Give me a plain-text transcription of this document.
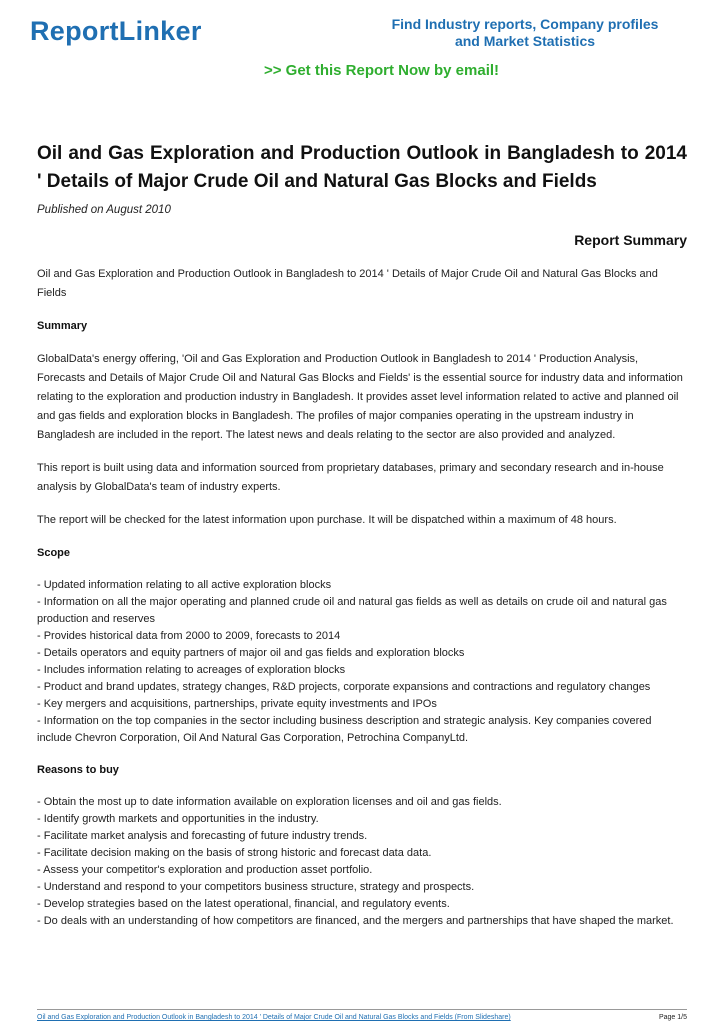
ReportLinker	Find Industry reports, Company profiles and Market Statistics
>> Get this Report Now by email!
Oil and Gas Exploration and Production Outlook in Bangladesh to 2014 ' Details of Major Crude Oil and Natural Gas Blocks and Fields
Published on August 2010
Report Summary

Oil and Gas Exploration and Production Outlook in Bangladesh to 2014 ' Details of Major Crude Oil and Natural Gas Blocks and Fields

Summary

GlobalData's energy offering, 'Oil and Gas Exploration and Production Outlook in Bangladesh to 2014 ' Production Analysis, Forecasts and Details of Major Crude Oil and Natural Gas Blocks and Fields' is the essential source for industry data and information relating to the exploration and production industry in Bangladesh. It provides asset level information related to active and planned oil and gas fields and exploration blocks in Bangladesh. The profiles of major companies operating in the upstream industry in Bangladesh are included in the report. The latest news and deals relating to the sector are also provided and analyzed.

This report is built using data and information sourced from proprietary databases, primary and secondary research and in-house analysis by GlobalData's team of industry experts.

The report will be checked for the latest information upon purchase. It will be dispatched within a maximum of 48 hours.

Scope
- Updated information relating to all active exploration blocks
- Information on all the major operating and planned crude oil and natural gas fields as well as details on crude oil and natural gas production and reserves
- Provides historical data from 2000 to 2009, forecasts to 2014
- Details operators and equity partners of major oil and gas fields and exploration blocks
- Includes information relating to acreages of exploration blocks
- Product and brand updates, strategy changes, R&D projects, corporate expansions and contractions and regulatory changes
- Key mergers and acquisitions, partnerships, private equity investments and IPOs
- Information on the top companies in the sector including business description and strategic analysis. Key companies covered include Chevron Corporation, Oil And Natural Gas Corporation, Petrochina CompanyLtd.
Reasons to buy
- Obtain the most up to date information available on exploration licenses and oil and gas fields.
- Identify growth markets and opportunities in the industry.
- Facilitate market analysis and forecasting of future industry trends.
- Facilitate decision making on the basis of strong historic and forecast data data.
- Assess your competitor's exploration and production asset portfolio.
- Understand and respond to your competitors business structure, strategy and prospects.
- Develop strategies based on the latest operational, financial, and regulatory events.
- Do deals with an understanding of how competitors are financed, and the mergers and partnerships that have shaped the market.
Oil and Gas Exploration and Production Outlook in Bangladesh to 2014 ' Details of Major Crude Oil and Natural Gas Blocks and Fields (From Slideshare)	Page 1/5
